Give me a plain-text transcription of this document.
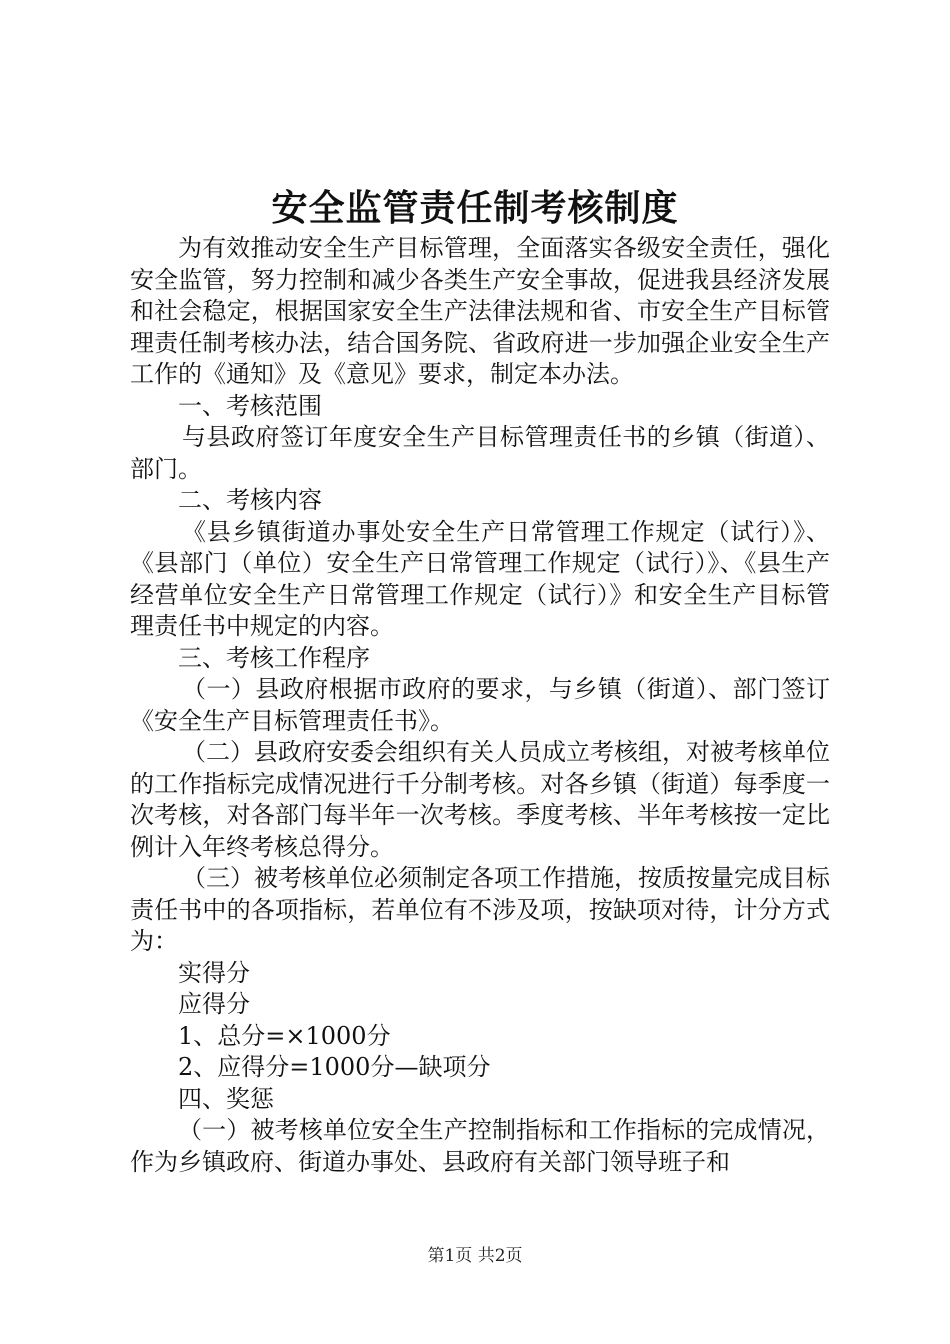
安全监管责任制考核制度

为有效推动安全生产目标管理，全面落实各级安全责任，强化安全监管，努力控制和减少各类生产安全事故，促进我县经济发展和社会稳定，根据国家安全生产法律法规和省、市安全生产目标管理责任制考核办法，结合国务院、省政府进一步加强企业安全生产工作的《通知》及《意见》要求，制定本办法。

一、考核范围

与县政府签订年度安全生产目标管理责任书的乡镇（街道）、部门。

二、考核内容

《县乡镇街道办事处安全生产日常管理工作规定（试行）》、《县部门（单位）安全生产日常管理工作规定（试行）》、《县生产经营单位安全生产日常管理工作规定（试行）》和安全生产目标管理责任书中规定的内容。

三、考核工作程序

（一）县政府根据市政府的要求，与乡镇（街道）、部门签订《安全生产目标管理责任书》。

（二）县政府安委会组织有关人员成立考核组，对被考核单位的工作指标完成情况进行千分制考核。对各乡镇（街道）每季度一次考核，对各部门每半年一次考核。季度考核、半年考核按一定比例计入年终考核总得分。

（三）被考核单位必须制定各项工作措施，按质按量完成目标责任书中的各项指标，若单位有不涉及项，按缺项对待，计分方式为：

实得分

应得分

1、总分=×1000分

2、应得分=1000分—缺项分

四、奖惩

（一）被考核单位安全生产控制指标和工作指标的完成情况，作为乡镇政府、街道办事处、县政府有关部门领导班子和

第1页 共2页
